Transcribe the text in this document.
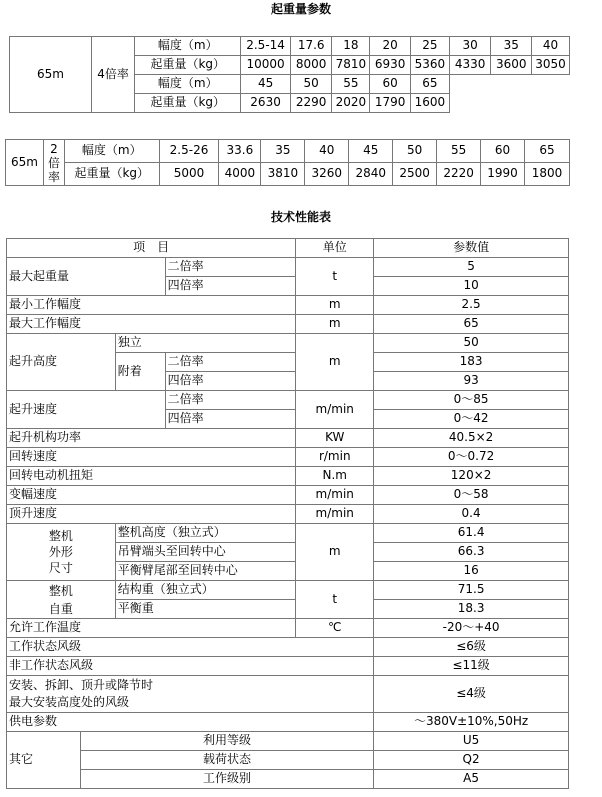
起重量参数
65m	4倍率	幅度（m）	2.5-14	17.6	18	20	25	30	35	40
		起重量（kg）	10000	8000	7810	6930	5360	4330	3600	3050
		幅度（m）	45	50	55	60	65			
		起重量（kg）	2630	2290	2020	1790	1600			
65m	2倍率	幅度（m）	2.5-26	33.6	35	40	45	50	55	60	65
		起重量（kg）	5000	4000	3810	3260	2840	2500	2220	1990	1800
技术性能表
项　目				单位	参数值
最大起重量			二倍率	t	5
			四倍率		10
最小工作幅度				m	2.5
最大工作幅度				m	65
起升高度		独立		m	50
		附着	二倍率		183
			四倍率		93
起升速度			二倍率	m/min	0～85
			四倍率		0～42
起升机构功率				KW	40.5×2
回转速度				r/min	0～0.72
回转电动机扭矩				N.m	120×2
变幅速度				m/min	0～58
顶升速度				m/min	0.4
整机
外形
尺寸		整机高度（独立式）		m	61.4
		吊臂端头至回转中心			66.3
		平衡臂尾部至回转中心			16
整机
自重		结构重（独立式）		t	71.5
		平衡重			18.3
允许工作温度				℃	-20～+40
工作状态风级					≤6级
非工作状态风级					≤11级
安装、拆卸、顶升或降节时
最大安装高度处的风级					≤4级
供电参数					～380V±10%,50Hz
其它	利用等级				U5
	载荷状态				Q2
	工作级别				A5
